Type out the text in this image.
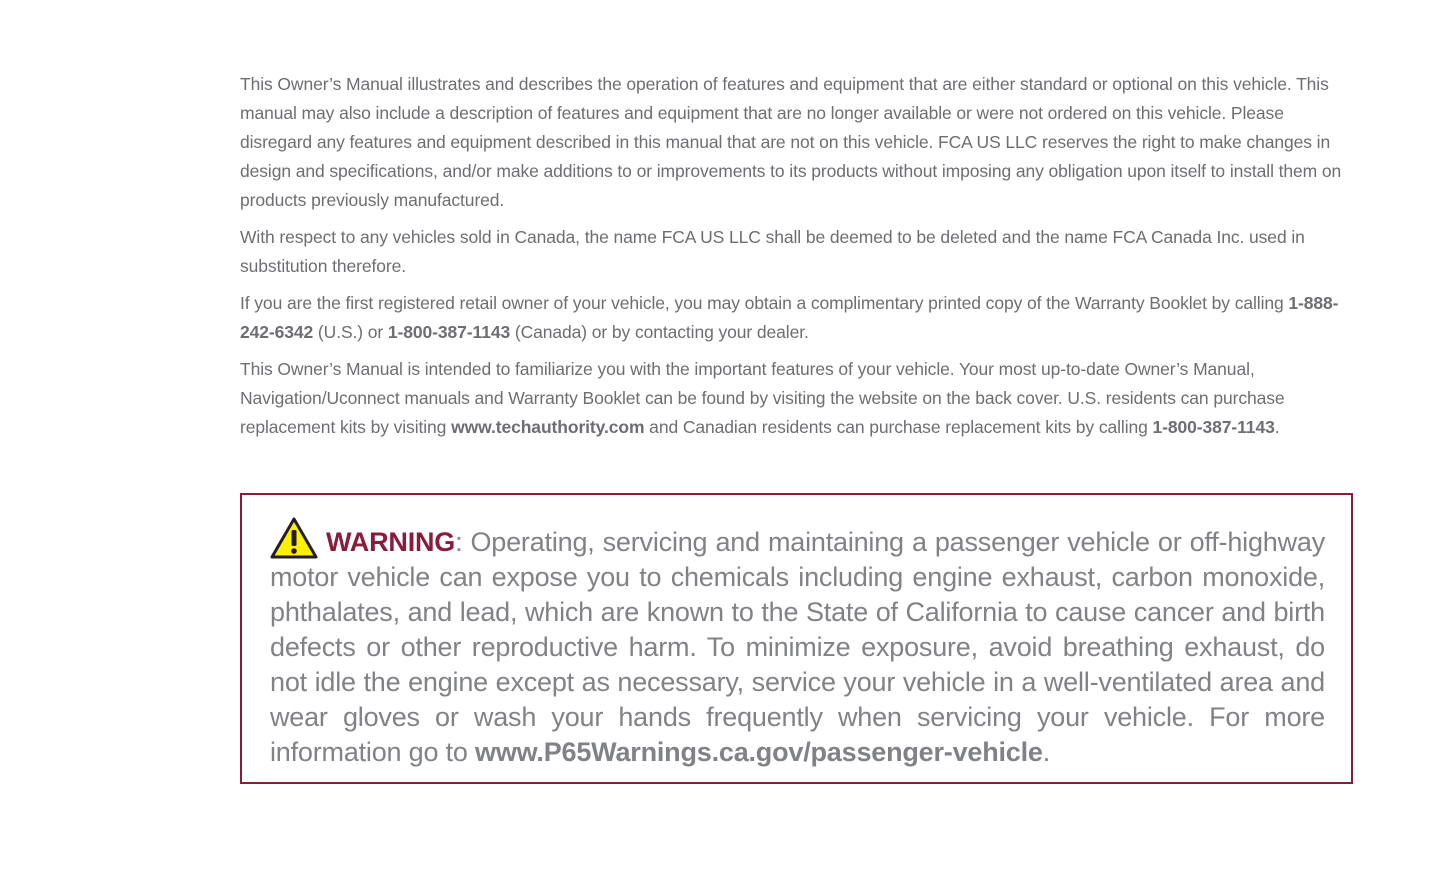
This Owner’s Manual illustrates and describes the operation of features and equipment that are either standard or optional on this vehicle. This manual may also include a description of features and equipment that are no longer available or were not ordered on this vehicle. Please disregard any features and equipment described in this manual that are not on this vehicle. FCA US LLC reserves the right to make changes in design and specifications, and/or make additions to or improvements to its products without imposing any obligation upon itself to install them on products previously manufactured.

With respect to any vehicles sold in Canada, the name FCA US LLC shall be deemed to be deleted and the name FCA Canada Inc. used in substitution therefore.

If you are the first registered retail owner of your vehicle, you may obtain a complimentary printed copy of the Warranty Booklet by calling 1-888-242-6342 (U.S.) or 1-800-387-1143 (Canada) or by contacting your dealer.

This Owner’s Manual is intended to familiarize you with the important features of your vehicle. Your most up-to-date Owner’s Manual, Navigation/Uconnect manuals and Warranty Booklet can be found by visiting the website on the back cover. U.S. residents can purchase replacement kits by visiting www.techauthority.com and Canadian residents can purchase replacement kits by calling 1-800-387-1143.

WARNING: Operating, servicing and maintaining a passenger vehicle or off-highway motor vehicle can expose you to chemicals including engine exhaust, carbon monoxide, phthalates, and lead, which are known to the State of California to cause cancer and birth defects or other reproductive harm. To minimize exposure, avoid breathing exhaust, do not idle the engine except as necessary, service your vehicle in a well-ventilated area and wear gloves or wash your hands frequently when servicing your vehicle. For more information go to www.P65Warnings.ca.gov/passenger-vehicle.
